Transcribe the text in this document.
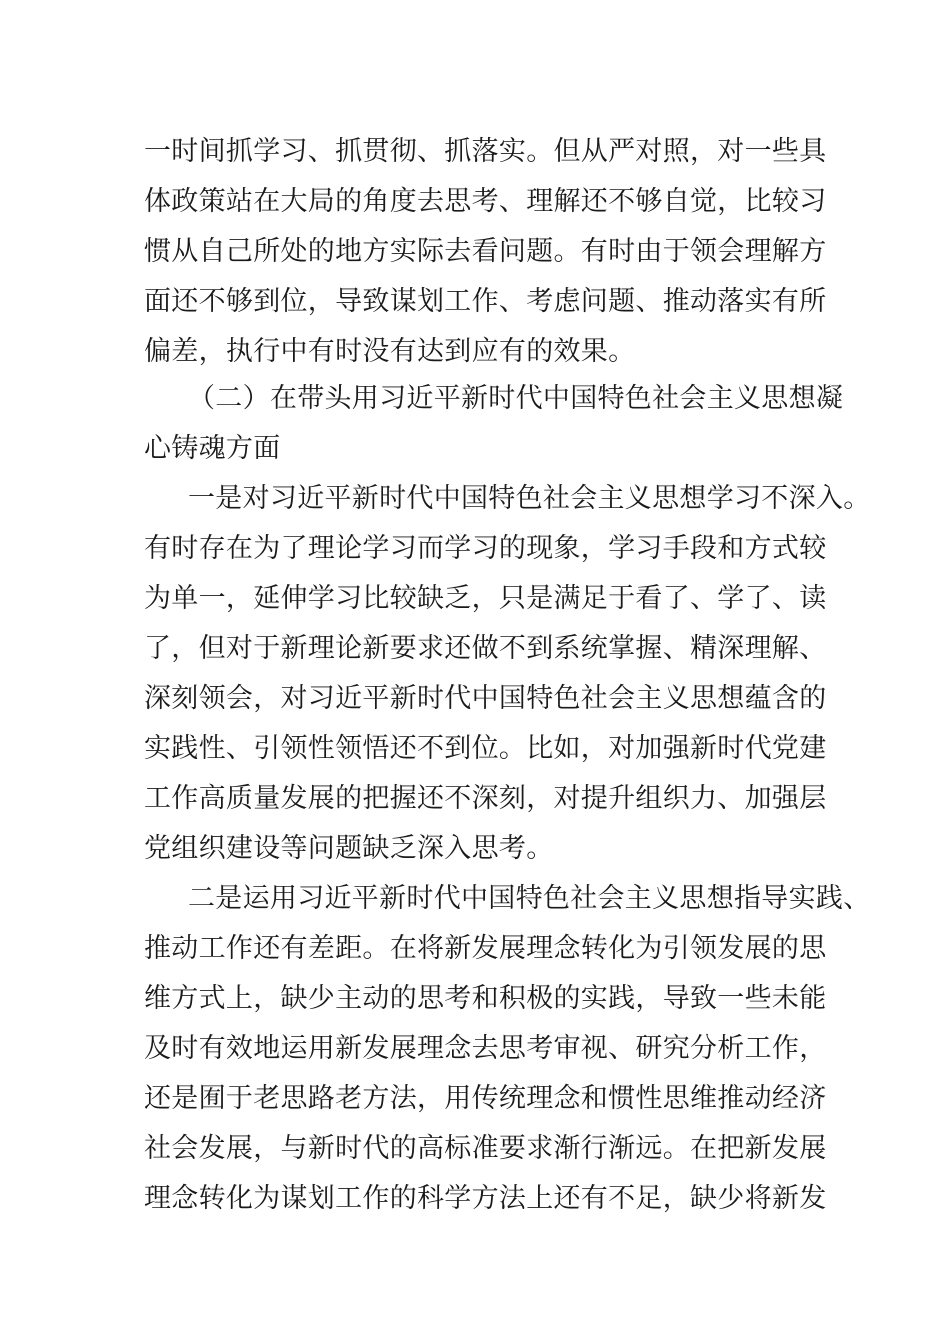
一时间抓学习、抓贯彻、抓落实。但从严对照，对一些具
体政策站在大局的角度去思考、理解还不够自觉，比较习
惯从自己所处的地方实际去看问题。有时由于领会理解方
面还不够到位，导致谋划工作、考虑问题、推动落实有所
偏差，执行中有时没有达到应有的效果。
（二）在带头用习近平新时代中国特色社会主义思想凝
心铸魂方面
一是对习近平新时代中国特色社会主义思想学习不深入。
有时存在为了理论学习而学习的现象，学习手段和方式较
为单一，延伸学习比较缺乏，只是满足于看了、学了、读
了，但对于新理论新要求还做不到系统掌握、精深理解、
深刻领会，对习近平新时代中国特色社会主义思想蕴含的
实践性、引领性领悟还不到位。比如，对加强新时代党建
工作高质量发展的把握还不深刻，对提升组织力、加强层
党组织建设等问题缺乏深入思考。
二是运用习近平新时代中国特色社会主义思想指导实践、
推动工作还有差距。在将新发展理念转化为引领发展的思
维方式上，缺少主动的思考和积极的实践，导致一些未能
及时有效地运用新发展理念去思考审视、研究分析工作，
还是囿于老思路老方法，用传统理念和惯性思维推动经济
社会发展，与新时代的高标准要求渐行渐远。在把新发展
理念转化为谋划工作的科学方法上还有不足，缺少将新发
